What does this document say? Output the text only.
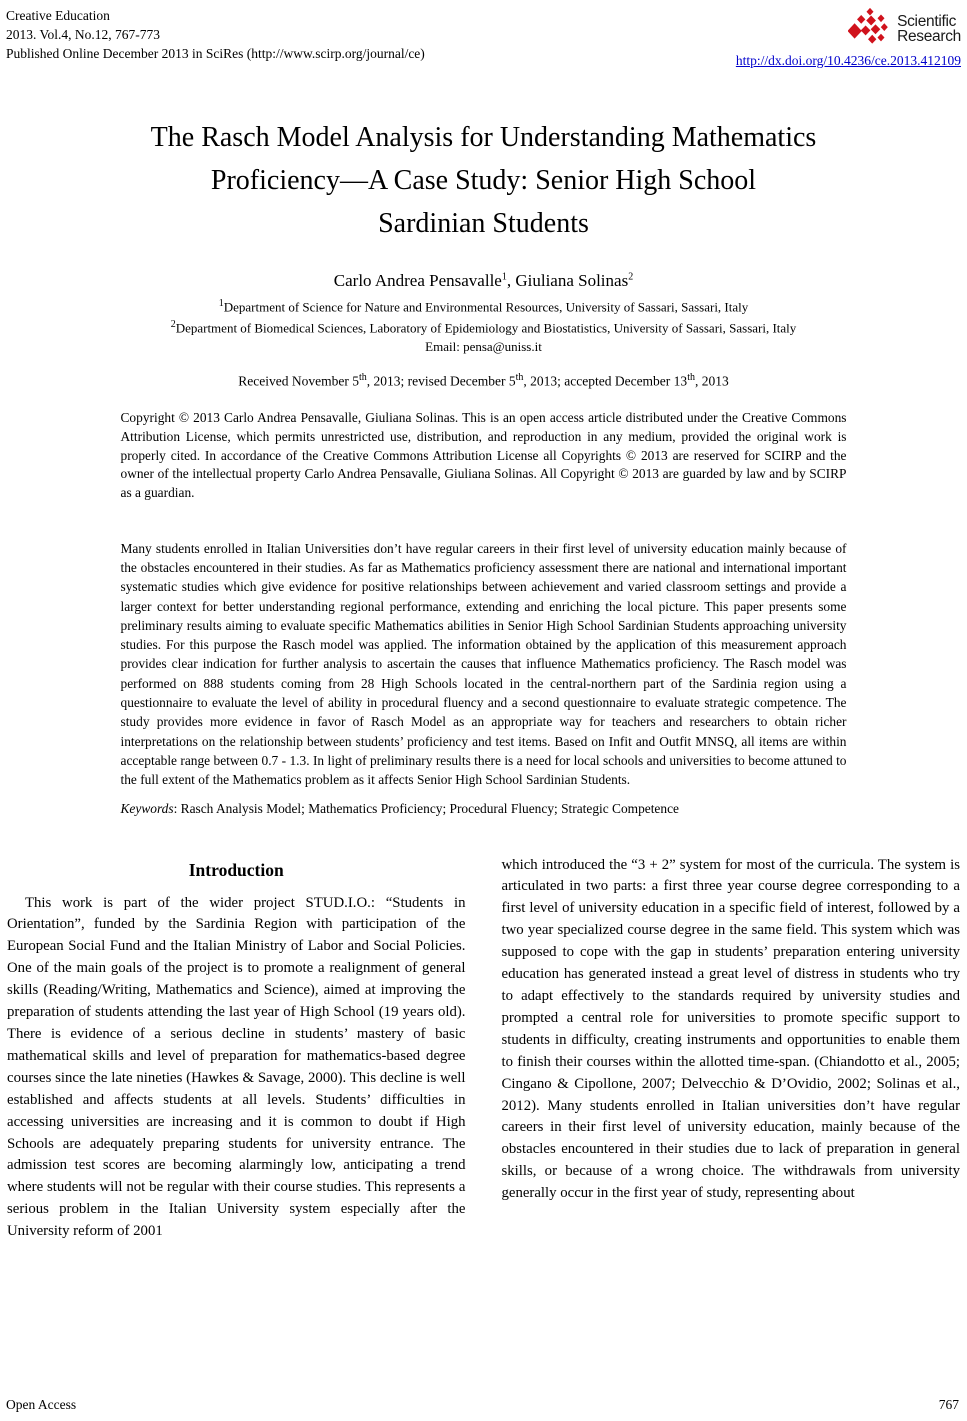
Creative Education
2013. Vol.4, No.12, 767-773
Published Online December 2013 in SciRes (http://www.scirp.org/journal/ce)
Scientific
Research
http://dx.doi.org/10.4236/ce.2013.412109
The Rasch Model Analysis for Understanding Mathematics
Proficiency—A Case Study: Senior High School
Sardinian Students
Carlo Andrea Pensavalle$^1$, Giuliana Solinas$^2$
$^1$Department of Science for Nature and Environmental Resources, University of Sassari, Sassari, Italy
$^2$Department of Biomedical Sciences, Laboratory of Epidemiology and Biostatistics, University of Sassari, Sassari, Italy
Email: pensa@uniss.it
Received November 5th, 2013; revised December 5th, 2013; accepted December 13th, 2013
Copyright © 2013 Carlo Andrea Pensavalle, Giuliana Solinas. This is an open access article distributed under the Creative Commons Attribution License, which permits unrestricted use, distribution, and reproduction in any medium, provided the original work is properly cited. In accordance of the Creative Commons Attribution License all Copyrights © 2013 are reserved for SCIRP and the owner of the intellectual property Carlo Andrea Pensavalle, Giuliana Solinas. All Copyright © 2013 are guarded by law and by SCIRP as a guardian.
Many students enrolled in Italian Universities don’t have regular careers in their first level of university education mainly because of the obstacles encountered in their studies. As far as Mathematics proficiency assessment there are national and international important systematic studies which give evidence for positive relationships between achievement and varied classroom settings and provide a larger context for better understanding regional performance, extending and enriching the local picture. This paper presents some preliminary results aiming to evaluate specific Mathematics abilities in Senior High School Sardinian Students approaching university studies. For this purpose the Rasch model was applied. The information obtained by the application of this measurement approach provides clear indication for further analysis to ascertain the causes that influence Mathematics proficiency. The Rasch model was performed on 888 students coming from 28 High Schools located in the central-northern part of the Sardinia region using a questionnaire to evaluate the level of ability in procedural fluency and a second questionnaire to evaluate strategic competence. The study provides more evidence in favor of Rasch Model as an appropriate way for teachers and researchers to obtain richer interpretations on the relationship between students’ proficiency and test items. Based on Infit and Outfit MNSQ, all items are within acceptable range between 0.7 - 1.3. In light of preliminary results there is a need for local schools and universities to become attuned to the full extent of the Mathematics problem as it affects Senior High School Sardinian Students.
Keywords: Rasch Analysis Model; Mathematics Proficiency; Procedural Fluency; Strategic Competence
Introduction
This work is part of the wider project STUD.I.O.: “Students in Orientation”, funded by the Sardinia Region with participation of the European Social Fund and the Italian Ministry of Labor and Social Policies. One of the main goals of the project is to promote a realignment of general skills (Reading/Writing, Mathematics and Science), aimed at improving the preparation of students attending the last year of High School (19 years old). There is evidence of a serious decline in students’ mastery of basic mathematical skills and level of preparation for mathematics-based degree courses since the late nineties (Hawkes & Savage, 2000). This decline is well established and affects students at all levels. Students’ difficulties in accessing universities are increasing and it is common to doubt if High Schools are adequately preparing students for university entrance. The admission test scores are becoming alarmingly low, anticipating a trend where students will not be regular with their course studies. This represents a serious problem in the Italian University system especially after the University reform of 2001
which introduced the “3 + 2” system for most of the curricula. The system is articulated in two parts: a first three year course degree corresponding to a first level of university education in a specific field of interest, followed by a two year specialized course degree in the same field. This system which was supposed to cope with the gap in students’ preparation entering university education has generated instead a great level of distress in students who try to adapt effectively to the standards required by university studies and prompted a central role for universities to promote specific support to students in difficulty, creating instruments and opportunities to enable them to finish their courses within the allotted time-span. (Chiandotto et al., 2005; Cingano & Cipollone, 2007; Delvecchio & D’Ovidio, 2002; Solinas et al., 2012). Many students enrolled in Italian universities don’t have regular careers in their first level of university education, mainly because of the obstacles encountered in their studies due to lack of preparation in general skills, or because of a wrong choice. The withdrawals from university generally occur in the first year of study, representing about
Open Access	767
